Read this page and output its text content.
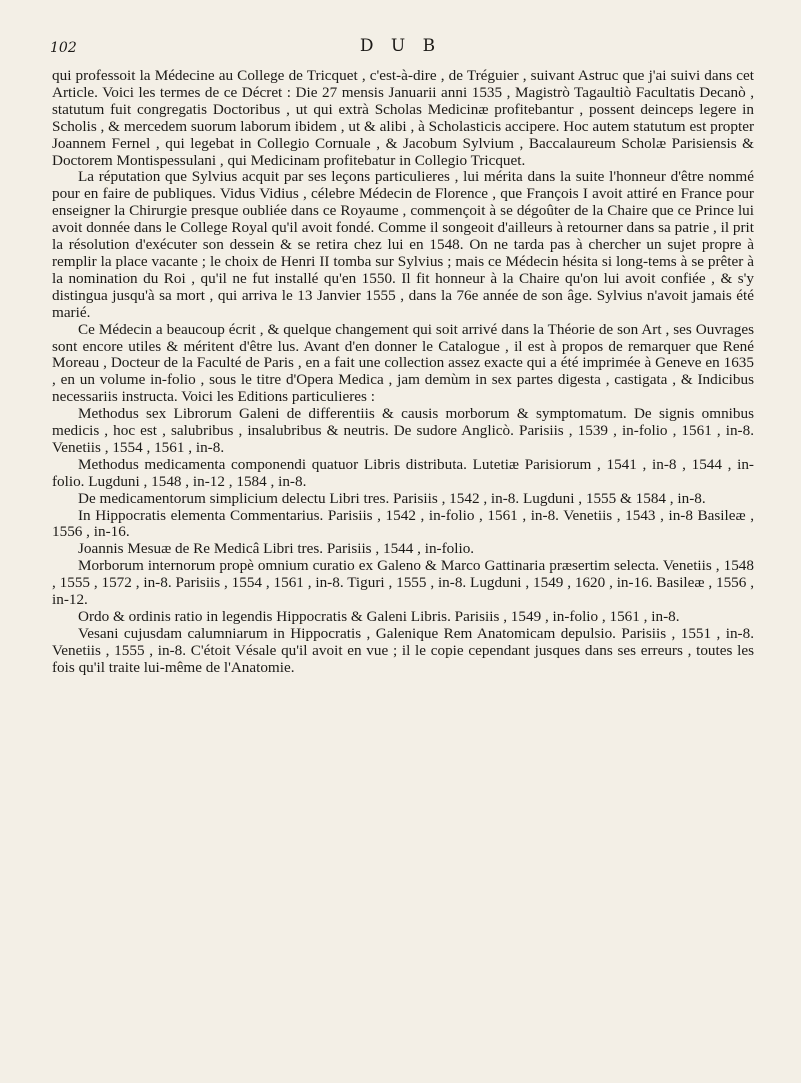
102	D U B

qui professoit la Médecine au College de Tricquet , c'est-à-dire , de Tréguier , suivant Astruc que j'ai suivi dans cet Article. Voici les termes de ce Décret : Die 27 mensis Januarii anni 1535 , Magistrò Tagaultiò Facultatis Decanò , statutum fuit congregatis Doctoribus , ut qui extrà Scholas Medicinæ profitebantur , possent deinceps legere in Scholis , & mercedem suorum laborum ibidem , ut & alibi , à Scholasticis accipere. Hoc autem statutum est propter Joannem Fernel , qui legebat in Collegio Cornuale , & Jacobum Sylvium , Baccalaureum Scholæ Parisiensis & Doctorem Montispessulani , qui Medicinam profitebatur in Collegio Tricquet.

La réputation que Sylvius acquit par ses leçons particulieres , lui mérita dans la suite l'honneur d'être nommé pour en faire de publiques. Vidus Vidius , célebre Médecin de Florence , que François I avoit attiré en France pour enseigner la Chirurgie presque oubliée dans ce Royaume , commençoit à se dégoûter de la Chaire que ce Prince lui avoit donnée dans le College Royal qu'il avoit fondé. Comme il songeoit d'ailleurs à retourner dans sa patrie , il prit la résolution d'exécuter son dessein & se retira chez lui en 1548. On ne tarda pas à chercher un sujet propre à remplir la place vacante ; le choix de Henri II tomba sur Sylvius ; mais ce Médecin hésita si long-tems à se prêter à la nomination du Roi , qu'il ne fut installé qu'en 1550. Il fit honneur à la Chaire qu'on lui avoit confiée , & s'y distingua jusqu'à sa mort , qui arriva le 13 Janvier 1555 , dans la 76e année de son âge. Sylvius n'avoit jamais été marié.

Ce Médecin a beaucoup écrit , & quelque changement qui soit arrivé dans la Théorie de son Art , ses Ouvrages sont encore utiles & méritent d'être lus. Avant d'en donner le Catalogue , il est à propos de remarquer que René Moreau , Docteur de la Faculté de Paris , en a fait une collection assez exacte qui a été imprimée à Geneve en 1635 , en un volume in-folio , sous le titre d'Opera Medica , jam demùm in sex partes digesta , castigata , & Indicibus necessariis instructa. Voici les Editions particulieres :

Methodus sex Librorum Galeni de differentiis & causis morborum & symptomatum. De signis omnibus medicis , hoc est , salubribus , insalubribus & neutris. De sudore Anglicò. Parisiis , 1539 , in-folio , 1561 , in-8. Venetiis , 1554 , 1561 , in-8.

Methodus medicamenta componendi quatuor Libris distributa. Lutetiæ Parisiorum , 1541 , in-8 , 1544 , in-folio. Lugduni , 1548 , in-12 , 1584 , in-8.

De medicamentorum simplicium delectu Libri tres. Parisiis , 1542 , in-8. Lugduni , 1555 & 1584 , in-8.

In Hippocratis elementa Commentarius. Parisiis , 1542 , in-folio , 1561 , in-8. Venetiis , 1543 , in-8 Basileæ , 1556 , in-16.

Joannis Mesuæ de Re Medicâ Libri tres. Parisiis , 1544 , in-folio.

Morborum internorum propè omnium curatio ex Galeno & Marco Gattinaria præsertim selecta. Venetiis , 1548 , 1555 , 1572 , in-8. Parisiis , 1554 , 1561 , in-8. Tiguri , 1555 , in-8. Lugduni , 1549 , 1620 , in-16. Basileæ , 1556 , in-12.

Ordo & ordinis ratio in legendis Hippocratis & Galeni Libris. Parisiis , 1549 , in-folio , 1561 , in-8.

Vesani cujusdam calumniarum in Hippocratis , Galenique Rem Anatomicam depulsio. Parisiis , 1551 , in-8. Venetiis , 1555 , in-8. C'étoit Vésale qu'il avoit en vue ; il le copie cependant jusques dans ses erreurs , toutes les fois qu'il traite lui-même de l'Anatomie.
